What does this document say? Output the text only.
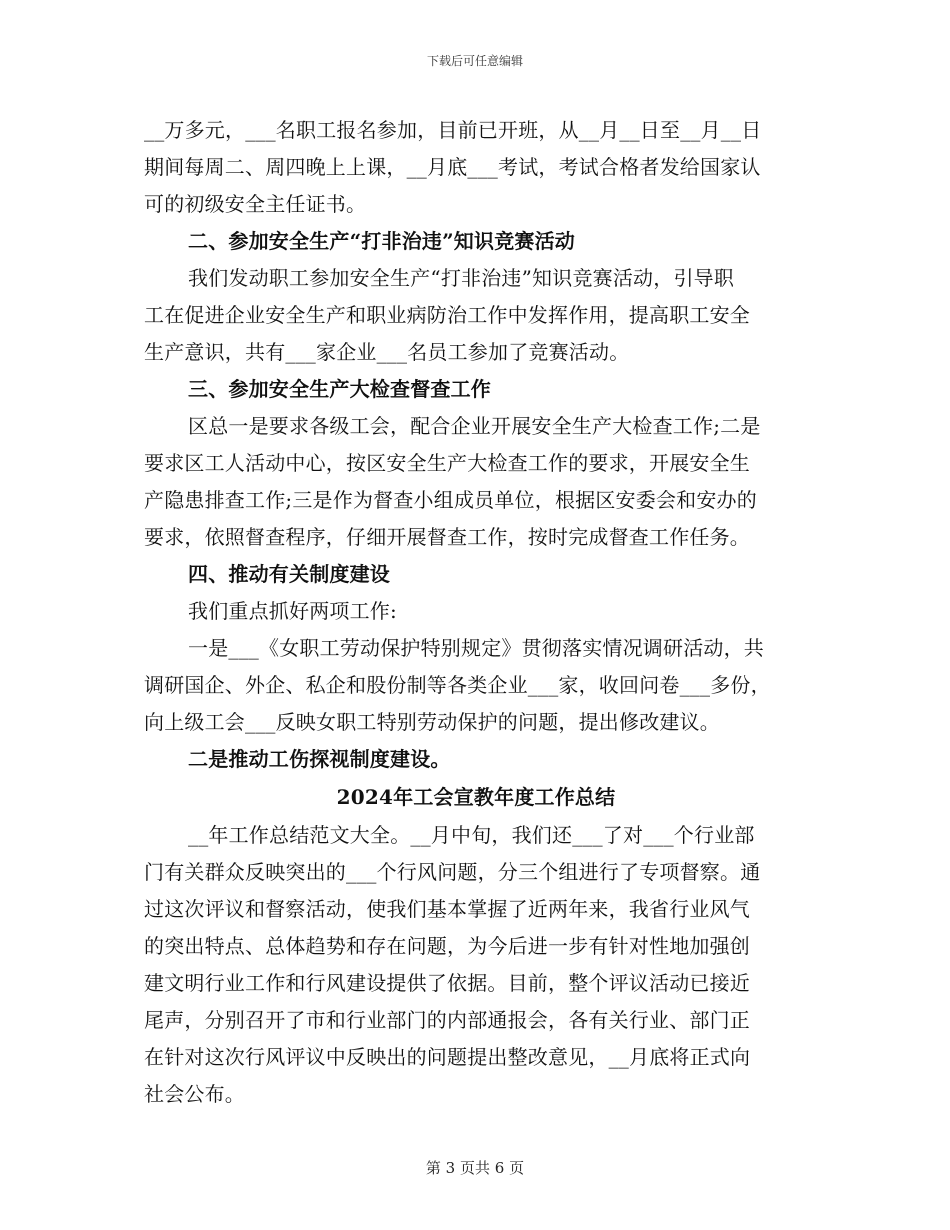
下载后可任意编辑
__万多元，___名职工报名参加，目前已开班，从__月__日至__月__日
期间每周二、周四晚上上课，__月底___考试，考试合格者发给国家认
可的初级安全主任证书。
二、参加安全生产“打非治违”知识竞赛活动
我们发动职工参加安全生产“打非治违”知识竞赛活动，引导职
工在促进企业安全生产和职业病防治工作中发挥作用，提高职工安全
生产意识，共有___家企业___名员工参加了竞赛活动。
三、参加安全生产大检查督查工作
区总一是要求各级工会，配合企业开展安全生产大检查工作;二是
要求区工人活动中心，按区安全生产大检查工作的要求，开展安全生
产隐患排查工作;三是作为督查小组成员单位，根据区安委会和安办的
要求，依照督查程序，仔细开展督查工作，按时完成督查工作任务。
四、推动有关制度建设
我们重点抓好两项工作:
一是___《女职工劳动保护特别规定》贯彻落实情况调研活动，共
调研国企、外企、私企和股份制等各类企业___家，收回问卷___多份，
向上级工会___反映女职工特别劳动保护的问题，提出修改建议。
二是推动工伤探视制度建设。
2024年工会宣教年度工作总结
__年工作总结范文大全。__月中旬，我们还___了对___个行业部
门有关群众反映突出的___个行风问题，分三个组进行了专项督察。通
过这次评议和督察活动，使我们基本掌握了近两年来，我省行业风气
的突出特点、总体趋势和存在问题，为今后进一步有针对性地加强创
建文明行业工作和行风建设提供了依据。目前，整个评议活动已接近
尾声，分别召开了市和行业部门的内部通报会，各有关行业、部门正
在针对这次行风评议中反映出的问题提出整改意见，__月底将正式向
社会公布。
第 3 页共 6 页
